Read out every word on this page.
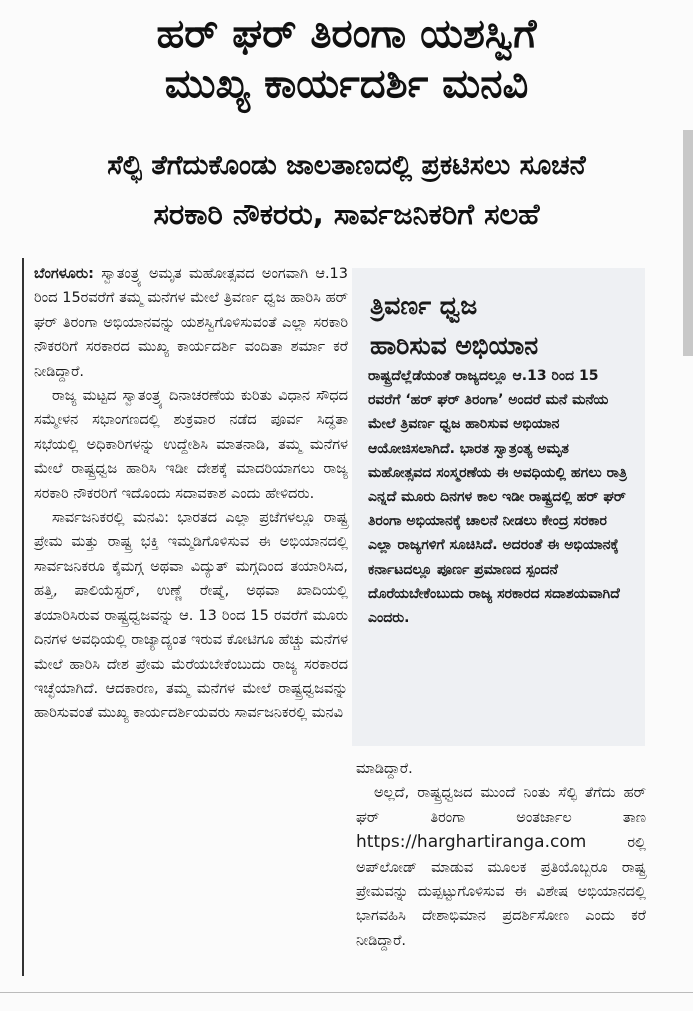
ಹರ್ ಘರ್ ತಿರಂಗಾ ಯಶಸ್ವಿಗೆ
ಮುಖ್ಯ ಕಾರ್ಯದರ್ಶಿ ಮನವಿ
ಸೆಲ್ಫಿ ತೆಗೆದುಕೊಂಡು ಜಾಲತಾಣದಲ್ಲಿ ಪ್ರಕಟಿಸಲು ಸೂಚನೆ
ಸರಕಾರಿ ನೌಕರರು, ಸಾರ್ವಜನಿಕರಿಗೆ ಸಲಹೆ

ಬೆಂಗಳೂರು: ಸ್ವಾತಂತ್ರ್ಯ ಅಮೃತ ಮಹೋತ್ಸವದ ಅಂಗವಾಗಿ ಆ.13 ರಿಂದ 15ರವರೆಗೆ ತಮ್ಮ ಮನೆಗಳ ಮೇಲೆ ತ್ರಿವರ್ಣ ಧ್ವಜ ಹಾರಿಸಿ ಹರ್ ಘರ್ ತಿರಂಗಾ ಅಭಿಯಾನವನ್ನು ಯಶಸ್ವಿಗೊಳಿಸುವಂತೆ ಎಲ್ಲಾ ಸರಕಾರಿ ನೌಕರರಿಗೆ ಸರಕಾರದ ಮುಖ್ಯ ಕಾರ್ಯದರ್ಶಿ ವಂದಿತಾ ಶರ್ಮಾ ಕರೆ ನೀಡಿದ್ದಾರೆ.

ರಾಜ್ಯ ಮಟ್ಟದ ಸ್ವಾತಂತ್ರ್ಯ ದಿನಾಚರಣೆಯ ಕುರಿತು ವಿಧಾನ ಸೌಧದ ಸಮ್ಮೇಳನ ಸಭಾಂಗಣದಲ್ಲಿ ಶುಕ್ರವಾರ ನಡೆದ ಪೂರ್ವ ಸಿದ್ಧತಾ ಸಭೆಯಲ್ಲಿ ಅಧಿಕಾರಿಗಳನ್ನು ಉದ್ದೇಶಿಸಿ ಮಾತನಾಡಿ, ತಮ್ಮ ಮನೆಗಳ ಮೇಲೆ ರಾಷ್ಟ್ರಧ್ವಜ ಹಾರಿಸಿ ಇಡೀ ದೇಶಕ್ಕೆ ಮಾದರಿಯಾಗಲು ರಾಜ್ಯ ಸರಕಾರಿ ನೌಕರರಿಗೆ ಇದೊಂದು ಸದಾವಕಾಶ ಎಂದು ಹೇಳಿದರು.

ಸಾರ್ವಜನಿಕರಲ್ಲಿ ಮನವಿ: ಭಾರತದ ಎಲ್ಲಾ ಪ್ರಜೆಗಳಲ್ಲೂ ರಾಷ್ಟ್ರ ಪ್ರೇಮ ಮತ್ತು ರಾಷ್ಟ್ರ ಭಕ್ತಿ ಇಮ್ಮಡಿಗೊಳಿಸುವ ಈ ಅಭಿಯಾನದಲ್ಲಿ ಸಾರ್ವಜನಿಕರೂ ಕೈಮಗ್ಗ ಅಥವಾ ವಿದ್ಯುತ್ ಮಗ್ಗದಿಂದ ತಯಾರಿಸಿದ, ಹತ್ತಿ, ಪಾಲಿಯೆಸ್ಟರ್, ಉಣ್ಣೆ ರೇಷ್ಮೆ, ಅಥವಾ ಖಾದಿಯಲ್ಲಿ ತಯಾರಿಸಿರುವ ರಾಷ್ಟ್ರಧ್ವಜವನ್ನು ಆ. 13 ರಿಂದ 15 ರವರೆಗೆ ಮೂರು ದಿನಗಳ ಅವಧಿಯಲ್ಲಿ ರಾಜ್ಯಾದ್ಯಂತ ಇರುವ ಕೋಟಿಗೂ ಹೆಚ್ಚು ಮನೆಗಳ ಮೇಲೆ ಹಾರಿಸಿ ದೇಶ ಪ್ರೇಮ ಮೆರೆಯಬೇಕೆಂಬುದು ರಾಜ್ಯ ಸರಕಾರದ ಇಚ್ಛೆಯಾಗಿದೆ. ಆದಕಾರಣ, ತಮ್ಮ ಮನೆಗಳ ಮೇಲೆ ರಾಷ್ಟ್ರಧ್ವಜವನ್ನು ಹಾರಿಸುವಂತೆ ಮುಖ್ಯ ಕಾರ್ಯದರ್ಶಿಯವರು ಸಾರ್ವಜನಿಕರಲ್ಲಿ ಮನವಿ

ತ್ರಿವರ್ಣ ಧ್ವಜ
ಹಾರಿಸುವ ಅಭಿಯಾನ
ರಾಷ್ಟ್ರದೆಲ್ಲೆಡೆಯಂತೆ ರಾಜ್ಯದಲ್ಲೂ ಆ.13 ರಿಂದ 15 ರವರೆಗೆ ‘ಹರ್ ಘರ್ ತಿರಂಗಾ’ ಅಂದರೆ ಮನೆ ಮನೆಯ ಮೇಲೆ ತ್ರಿವರ್ಣ ಧ್ವಜ ಹಾರಿಸುವ ಅಭಿಯಾನ ಆಯೋಜಿಸಲಾಗಿದೆ. ಭಾರತ ಸ್ವಾತ್ರಂತ್ಯ ಅಮೃತ ಮಹೋತ್ಸವದ ಸಂಸ್ಮರಣೆಯ ಈ ಅವಧಿಯಲ್ಲಿ ಹಗಲು ರಾತ್ರಿ ಎನ್ನದೆ ಮೂರು ದಿನಗಳ ಕಾಲ ಇಡೀ ರಾಷ್ಟ್ರದಲ್ಲಿ ಹರ್ ಘರ್ ತಿರಂಗಾ ಅಭಿಯಾನಕ್ಕೆ ಚಾಲನೆ ನೀಡಲು ಕೇಂದ್ರ ಸರಕಾರ ಎಲ್ಲಾ ರಾಜ್ಯಗಳಿಗೆ ಸೂಚಿಸಿದೆ. ಅದರಂತೆ ಈ ಅಭಿಯಾನಕ್ಕೆ ಕರ್ನಾಟದಲ್ಲೂ ಪೂರ್ಣ ಪ್ರಮಾಣದ ಸ್ಪಂದನೆ ದೊರೆಯಬೇಕೆಂಬುದು ರಾಜ್ಯ ಸರಕಾರದ ಸದಾಶಯವಾಗಿದೆ ಎಂದರು.

ಮಾಡಿದ್ದಾರೆ.

ಅಲ್ಲದೆ, ರಾಷ್ಟ್ರಧ್ವಜದ ಮುಂದೆ ನಿಂತು ಸೆಲ್ಫಿ ತೆಗೆದು ಹರ್ ಘರ್ ತಿರಂಗಾ ಅಂತರ್ಜಾಲ ತಾಣ https://harghartiranga.com	ರಲ್ಲಿ ಅಪ್‌ಲೋಡ್ ಮಾಡುವ ಮೂಲಕ ಪ್ರತಿಯೊಬ್ಬರೂ ರಾಷ್ಟ್ರ ಪ್ರೇಮವನ್ನು ದುಪ್ಪಟ್ಟುಗೊಳಿಸುವ ಈ ವಿಶೇಷ ಅಭಿಯಾನದಲ್ಲಿ ಭಾಗವಹಿಸಿ ದೇಶಾಭಿಮಾನ ಪ್ರದರ್ಶಿಸೋಣ ಎಂದು ಕರೆ ನೀಡಿದ್ದಾರೆ.
